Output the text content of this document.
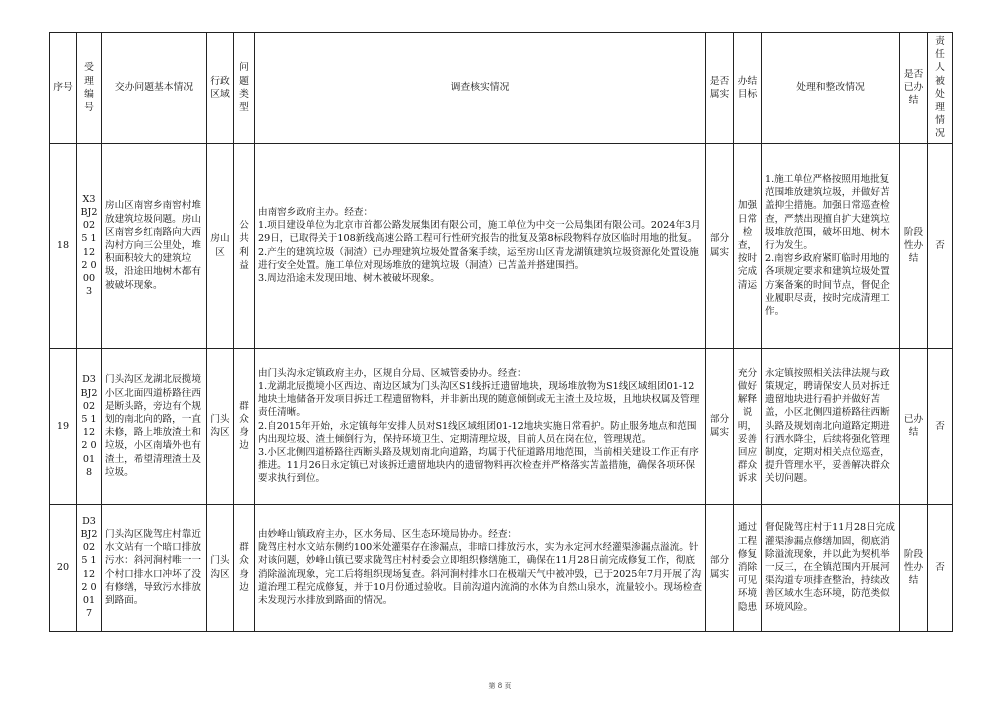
序号	受理编号	交办问题基本情况	行政区域	问题类型	调查核实情况	是否属实	办结目标	处理和整改情况	是否已办结	责任人被处理情况
18	X3BJ2025 1122 0003	房山区南窖乡南窖村堆放建筑垃圾问题。房山区南窖乡红南路向大西沟村方向三公里处，堆积面积较大的建筑垃圾，沿途田地树木都有被破坏现象。	房山区	公共利益	由南窖乡政府主办。经查：
1.项目建设单位为北京市首都公路发展集团有限公司，施工单位为中交一公局集团有限公司。2024年3月29日，已取得关于108新线高速公路工程可行性研究报告的批复及第8标段物料存放区临时用地的批复。
2.产生的建筑垃圾（洞渣）已办理建筑垃圾处置备案手续，运至房山区青龙湖镇建筑垃圾资源化处置设施进行安全处置。施工单位对现场堆放的建筑垃圾（洞渣）已苫盖并搭建围挡。
3.周边沿途未发现田地、树木被破坏现象。	部分属实	加强日常检查，按时完成清运	1.施工单位严格按照用地批复范围堆放建筑垃圾，并做好苫盖抑尘措施。加强日常巡查检查，严禁出现擅自扩大建筑垃圾堆放范围，破坏田地、树木行为发生。
2.南窖乡政府紧盯临时用地的各项规定要求和建筑垃圾处置方案备案的时间节点，督促企业履职尽责，按时完成清理工作。	阶段性办结	否
19	D3BJ2025 1122 0018	门头沟区龙湖北辰揽境小区北面四道桥路往西是断头路，旁边有个规划的南北向的路，一直未修，路上堆放渣土和垃圾，小区南墙外也有渣土，希望清理渣土及垃圾。	门头沟区	群众身边	由门头沟永定镇政府主办，区规自分局、区城管委协办。经查：
1.龙湖北辰揽境小区西边、南边区域为门头沟区S1线拆迁遗留地块，现场堆放物为S1线区域组团01-12地块土地储备开发项目拆迁工程遗留物料，并非新出现的随意倾倒或无主渣土及垃圾，且地块权属及管理责任清晰。
2.自2015年开始，永定镇每年安排人员对S1线区域组团01-12地块实施日常看护。防止服务地点和范围内出现垃圾、渣土倾倒行为，保持环境卫生、定期清理垃圾，目前人员在岗在位，管理规范。
3.小区北侧四道桥路往西断头路及规划南北向道路，均属于代征道路用地范围，当前相关建设工作正有序推进。11月26日永定镇已对该拆迁遗留地块内的遗留物料再次检查并严格落实苫盖措施，确保各项环保要求执行到位。	部分属实	充分做好解释说明，妥善回应群众诉求	永定镇按照相关法律法规与政策规定，聘请保安人员对拆迁遗留地块进行看护并做好苫盖，小区北侧四道桥路往西断头路及规划南北向道路定期进行洒水降尘，后续将强化管理制度，定期对相关点位巡查，提升管理水平，妥善解决群众关切问题。	已办结	否
20	D3BJ2025 1122 0017	门头沟区陇驾庄村靠近水文站有一个暗口排放污水：斜河涧村唯一一个村口排水口冲坏了没有修缮，导致污水排放到路面。	门头沟区	群众身边	由妙峰山镇政府主办，区水务局、区生态环境局协办。经查：
陇驾庄村水文站东侧约100米处灌渠存在渗漏点，非暗口排放污水，实为永定河水经灌渠渗漏点溢流。针对该问题，妙峰山镇已要求陇驾庄村村委会立即组织修缮施工，确保在11月28日前完成修复工作，彻底消除溢流现象，完工后将组织现场复查。斜河涧村排水口在极端天气中被冲毁，已于2025年7月开展了沟道治理工程完成修复，并于10月份通过验收。目前沟道内流淌的水体为自然山泉水，流量较小。现场检查未发现污水排放到路面的情况。	部分属实	通过工程修复消除可见环境隐患	督促陇驾庄村于11月28日完成灌渠渗漏点修缮加固，彻底消除溢流现象，并以此为契机举一反三，在全镇范围内开展河渠沟道专项排查整治，持续改善区域水生态环境，防范类似环境风险。	阶段性办结	否
第 8 页
